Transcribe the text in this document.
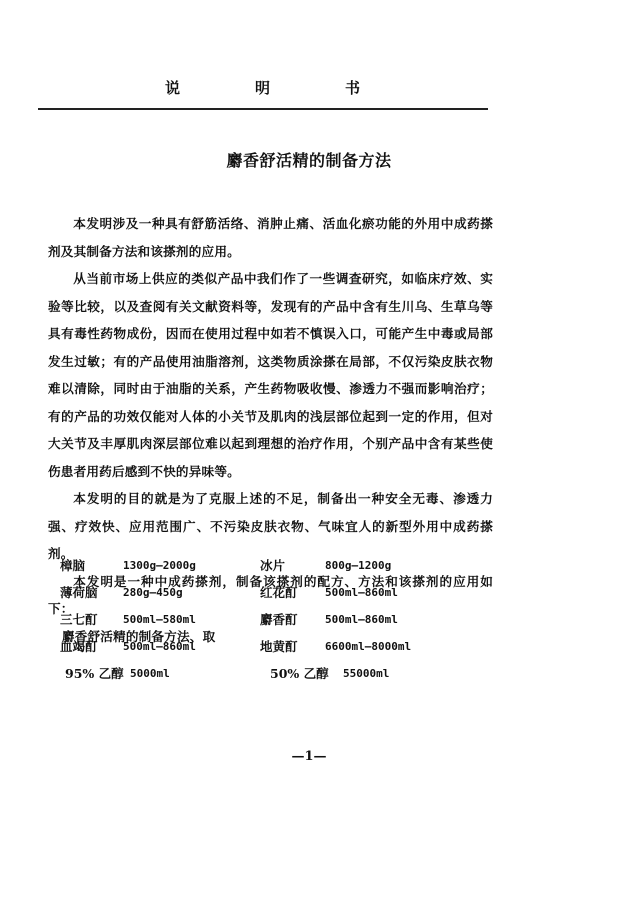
说	明	书
麝香舒活精的制备方法

本发明涉及一种具有舒筋活络、消肿止痛、活血化瘀功能的外用中成药搽剂及其制备方法和该搽剂的应用。

从当前市场上供应的类似产品中我们作了一些调查研究，如临床疗效、实验等比较，以及查阅有关文献资料等，发现有的产品中含有生川乌、生草乌等具有毒性药物成份，因而在使用过程中如若不慎误入口，可能产生中毒或局部发生过敏；有的产品使用油脂溶剂，这类物质涂搽在局部，不仅污染皮肤衣物难以清除，同时由于油脂的关系，产生药物吸收慢、渗透力不强而影响治疗；有的产品的功效仅能对人体的小关节及肌肉的浅层部位起到一定的作用，但对大关节及丰厚肌肉深层部位难以起到理想的治疗作用，个别产品中含有某些使伤患者用药后感到不快的异味等。

本发明的目的就是为了克服上述的不足，制备出一种安全无毒、渗透力强、疗效快、应用范围广、不污染皮肤衣物、气味宜人的新型外用中成药搽剂。

本发明是一种中成药搽剂，制备该搽剂的配方、方法和该搽剂的应用如下：

麝香舒活精的制备方法、取

樟脑	1300g—2000g	冰片	800g—1200g
薄荷脑 280g—450g	红花酊 500ml—860ml
三七酊 500ml—580ml	麝香酊 500ml—860ml
血竭酊 500ml—860ml	地黄酊 6600ml—8000ml
95% 乙醇 5000ml	50% 乙醇 55000ml
—1—
